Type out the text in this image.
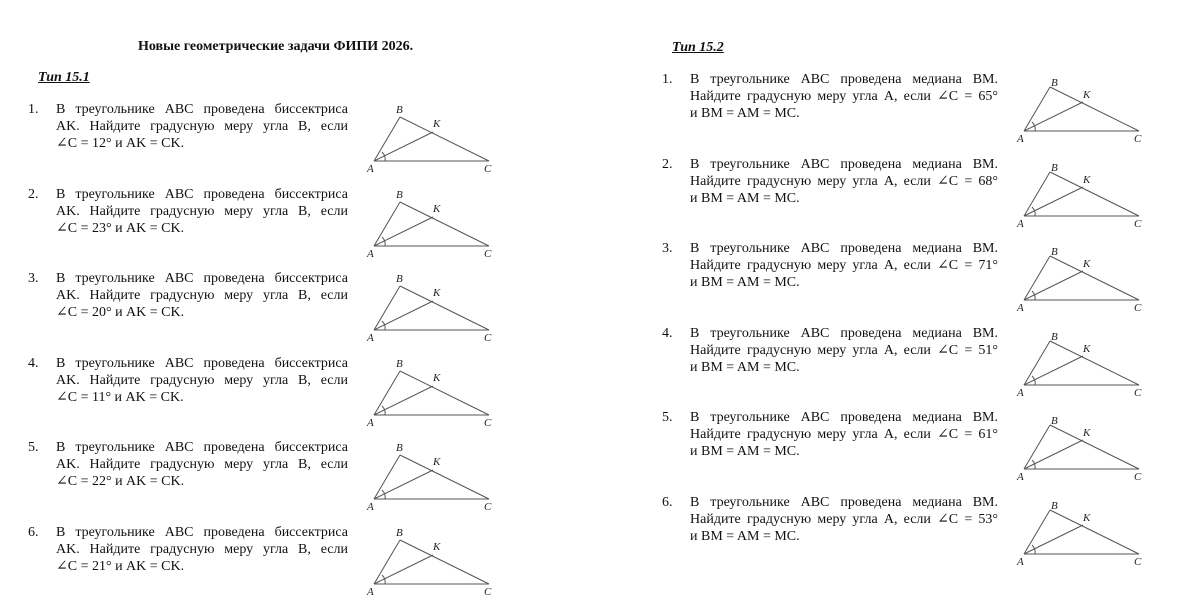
Новые геометрические задачи ФИПИ 2026.
Тип 15.1
Тип 15.2
1. В треугольнике ABC проведена биссектриса
AK. Найдите градусную меру угла B, если
∠C = 12° и AK = CK.
B
K
A	C
2. В треугольнике ABC проведена биссектриса
AK. Найдите градусную меру угла B, если
∠C = 23° и AK = CK.
B
K
A	C
3. В треугольнике ABC проведена биссектриса
AK. Найдите градусную меру угла B, если
∠C = 20° и AK = CK.
B
K
A	C
4. В треугольнике ABC проведена биссектриса
AK. Найдите градусную меру угла B, если
∠C = 11° и AK = CK.
B
K
A	C
5. В треугольнике ABC проведена биссектриса
AK. Найдите градусную меру угла B, если
∠C = 22° и AK = CK.
B
K
A	C
6. В треугольнике ABC проведена биссектриса
AK. Найдите градусную меру угла B, если
∠C = 21° и AK = CK.
B
K
A	C
1. В треугольнике ABC проведена медиана BM.
Найдите градусную меру угла A, если ∠C = 65°
и BM = AM = MC.
B
K
A	C
2. В треугольнике ABC проведена медиана BM.
Найдите градусную меру угла A, если ∠C = 68°
и BM = AM = MC.
B
K
A	C
3. В треугольнике ABC проведена медиана BM.
Найдите градусную меру угла A, если ∠C = 71°
и BM = AM = MC.
B
K
A	C
4. В треугольнике ABC проведена медиана BM.
Найдите градусную меру угла A, если ∠C = 51°
и BM = AM = MC.
B
K
A	C
5. В треугольнике ABC проведена медиана BM.
Найдите градусную меру угла A, если ∠C = 61°
и BM = AM = MC.
B
K
A	C
6. В треугольнике ABC проведена медиана BM.
Найдите градусную меру угла A, если ∠C = 53°
и BM = AM = MC.
B
K
A	C
